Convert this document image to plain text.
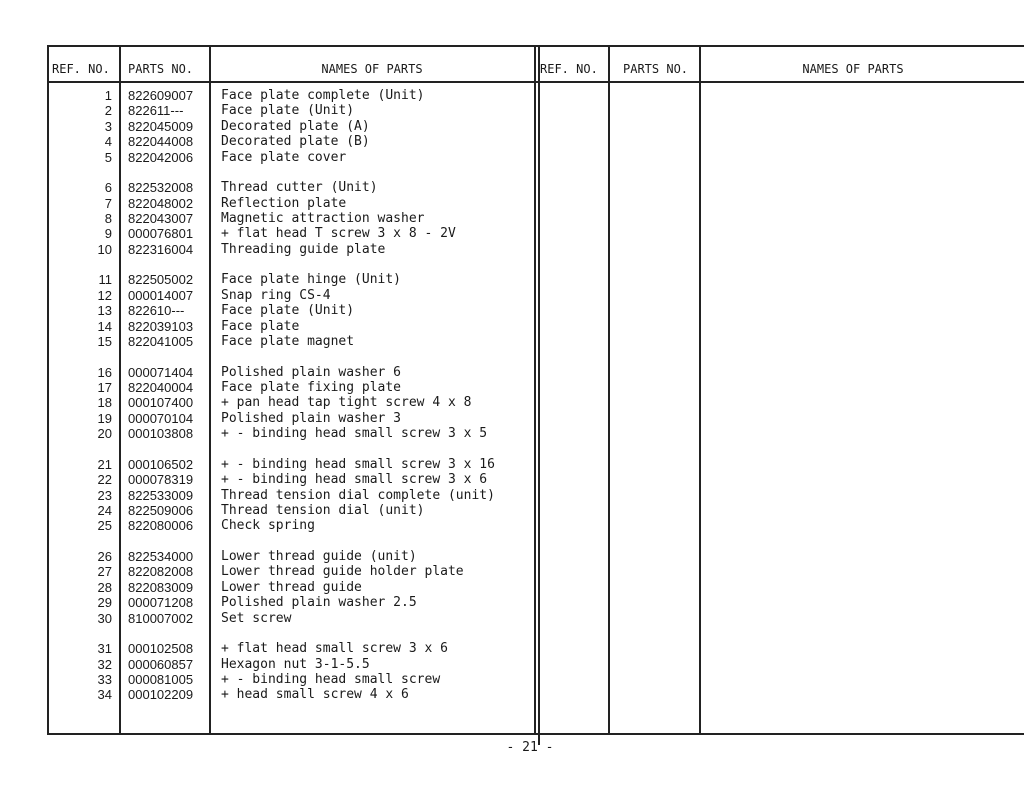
REF. NO. PARTS NO.	NAMES OF PARTS	REF. NO. PARTS NO.	NAMES OF PARTS
1 822609007 Face plate complete (Unit)
2 822611---	Face plate (Unit)
3 822045009 Decorated plate (A)
4 822044008 Decorated plate (B)
5 822042006 Face plate cover
6 822532008 Thread cutter (Unit)
7 822048002 Reflection plate
8 822043007 Magnetic attraction washer
9 000076801 + flat head T screw 3 x 8 - 2V
10 822316004 Threading guide plate
11 822505002 Face plate hinge (Unit)
12 000014007 Snap ring CS-4
13 822610---	Face plate (Unit)
14 822039103 Face plate
15 822041005 Face plate magnet
16 000071404 Polished plain washer 6
17 822040004 Face plate fixing plate
18 000107400 + pan head tap tight screw 4 x 8
19 000070104 Polished plain washer 3
20 000103808 + - binding head small screw 3 x 5
21 000106502 + - binding head small screw 3 x 16
22 000078319 + - binding head small screw 3 x 6
23 822533009 Thread tension dial complete (unit)
24 822509006 Thread tension dial (unit)
25 822080006 Check spring
26 822534000 Lower thread guide (unit)
27 822082008 Lower thread guide holder plate
28 822083009 Lower thread guide
29 000071208 Polished plain washer 2.5
30 810007002 Set screw
31 000102508 + flat head small screw 3 x 6
32 000060857 Hexagon nut 3-1-5.5
33 000081005 + - binding head small screw
34 000102209 + head small screw 4 x 6
- 21 -
